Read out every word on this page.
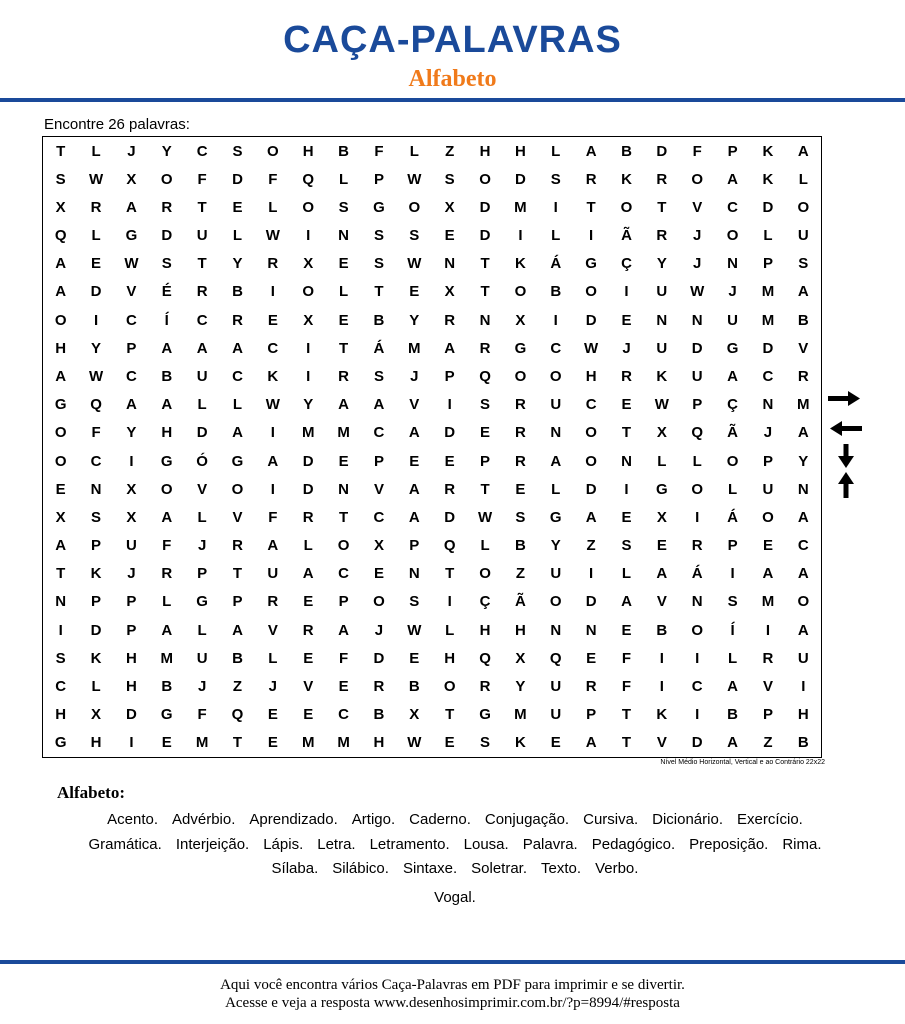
CAÇA-PALAVRAS
Alfabeto
Encontre 26 palavras:
T	L	J	Y	C	S	O	H	B	F	L	Z	H	H	L	A	B	D	F	P	K	A
S	W	X	O	F	D	F	Q	L	P	W	S	O	D	S	R	K	R	O	A	K	L
X	R	A	R	T	E	L	O	S	G	O	X	D	M	I	T	O	T	V	C	D	O
Q	L	G	D	U	L	W	I	N	S	S	E	D	I	L	I	Ã	R	J	O	L	U
A	E	W	S	T	Y	R	X	E	S	W	N	T	K	Á	G	Ç	Y	J	N	P	S
A	D	V	É	R	B	I	O	L	T	E	X	T	O	B	O	I	U	W	J	M	A
O	I	C	Í	C	R	E	X	E	B	Y	R	N	X	I	D	E	N	N	U	M	B
H	Y	P	A	A	A	C	I	T	Á	M	A	R	G	C	W	J	U	D	G	D	V
A	W	C	B	U	C	K	I	R	S	J	P	Q	O	O	H	R	K	U	A	C	R
G	Q	A	A	L	L	W	Y	A	A	V	I	S	R	U	C	E	W	P	Ç	N	M
O	F	Y	H	D	A	I	M	M	C	A	D	E	R	N	O	T	X	Q	Ã	J	A
O	C	I	G	Ó	G	A	D	E	P	E	E	P	R	A	O	N	L	L	O	P	Y
E	N	X	O	V	O	I	D	N	V	A	R	T	E	L	D	I	G	O	L	U	N
X	S	X	A	L	V	F	R	T	C	A	D	W	S	G	A	E	X	I	Á	O	A
A	P	U	F	J	R	A	L	O	X	P	Q	L	B	Y	Z	S	E	R	P	E	C
T	K	J	R	P	T	U	A	C	E	N	T	O	Z	U	I	L	A	Á	I	A	A
N	P	P	L	G	P	R	E	P	O	S	I	Ç	Ã	O	D	A	V	N	S	M	O
I	D	P	A	L	A	V	R	A	J	W	L	H	H	N	N	E	B	O	Í	I	A
S	K	H	M	U	B	L	E	F	D	E	H	Q	X	Q	E	F	I	I	L	R	U
C	L	H	B	J	Z	J	V	E	R	B	O	R	Y	U	R	F	I	C	A	V	I
H	X	D	G	F	Q	E	E	C	B	X	T	G	M	U	P	T	K	I	B	P	H
G	H	I	E	M	T	E	M	M	H	W	E	S	K	E	A	T	V	D	A	Z	B
Nível Médio Horizontal, Vertical e ao Contrário 22x22
Alfabeto:
Acento. Advérbio. Aprendizado. Artigo. Caderno. Conjugação. Cursiva. Dicionário. Exercício.
Gramática. Interjeição. Lápis. Letra. Letramento. Lousa. Palavra. Pedagógico. Preposição. Rima.
Sílaba. Silábico. Sintaxe. Soletrar. Texto. Verbo.
Vogal.
Aqui você encontra vários Caça-Palavras em PDF para imprimir e se divertir.
Acesse e veja a resposta www.desenhosimprimir.com.br/?p=8994/#resposta
